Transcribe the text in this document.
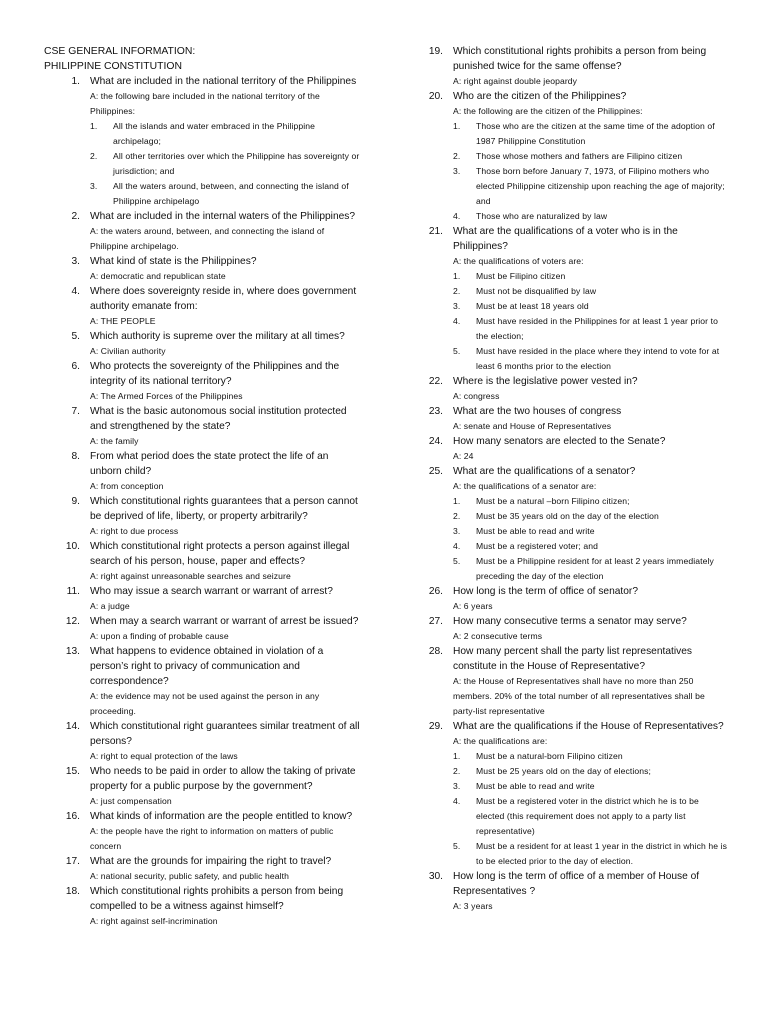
CSE GENERAL INFORMATION:
PHILIPPINE CONSTITUTION
1 . What are included in the national territory of the Philippines
A: the following bare included in the national territory of the Philippines:
1 . All the islands and water embraced in the Philippine archipelago;
2 . All other territories over which the Philippine has sovereignty or jurisdiction; and
3 . All the waters around, between, and connecting the island of Philippine archipelago
2 . What are included in the internal waters of the Philippines?
A: the waters around, between, and connecting the island of Philippine archipelago.
3 . What kind of state is the Philippines?
A: democratic and republican state
4 . Where does sovereignty reside in, where does government authority emanate from:
A: THE PEOPLE
5 . Which authority is supreme over the military at all times?
A: Civilian authority
6 . Who protects the sovereignty of the Philippines and the integrity of its national territory?
A: The Armed Forces of the Philippines
7 . What is the basic autonomous social institution protected and strengthened by the state?
A: the family
8 . From what period does the state protect the life of an unborn child?
A: from conception
9 . Which constitutional rights guarantees that a person cannot be deprived of life, liberty, or property arbitrarily?
A: right to due process
10 . Which constitutional right protects a person against illegal search of his person, house, paper and effects?
A: right against unreasonable searches and seizure
11 . Who may issue a search warrant or warrant of arrest?
A: a judge
12 . When may a search warrant or warrant of arrest be issued?
A: upon a finding of probable cause
13 . What happens to evidence obtained in violation of a person’s right to privacy of communication and correspondence?
A: the evidence may not be used against the person in any proceeding.
14 . Which constitutional right guarantees similar treatment of all persons?
A: right to equal protection of the laws
15 . Who needs to be paid in order to allow the taking of private property for a public purpose by the government?
A: just compensation
16 . What kinds of information are the people entitled to know?
A: the people have the right to information on matters of public concern
17 . What are the grounds for impairing the right to travel?
A: national security, public safety, and public health
18 . Which constitutional rights prohibits a person from being compelled to be a witness against himself?
A: right against self-incrimination
19 . Which constitutional rights prohibits a person from being punished twice for the same offense?
A: right against double jeopardy
20 . Who are the citizen of the Philippines?
A: the following are the citizen of the Philippines:
1 . Those who are the citizen at the same time of the adoption of 1987 Philippine Constitution
2 . Those whose mothers and fathers are Filipino citizen
3 . Those born before January 7, 1973, of Filipino mothers who elected Philippine citizenship upon reaching the age of majority; and
4 . Those who are naturalized by law
21 . What are the qualifications of a voter who is in the Philippines?
A: the qualifications of voters are:
1 . Must be Filipino citizen
2 . Must not be disqualified by law
3 . Must be at least 18 years old
4 . Must have resided in the Philippines for at least 1 year prior to the election;
5 . Must have resided in the place where they intend to vote for at least 6 months prior to the election
22 . Where is the legislative power vested in?
A: congress
23 . What are the two houses of congress
A: senate and House of Representatives
24 . How many senators are elected to the Senate?
A: 24
25 . What are the qualifications of a senator?
A: the qualifications of a senator are:
1 . Must be a natural –born Filipino citizen;
2 . Must be 35 years old on the day of the election
3 . Must be able to read and write
4 . Must be a registered voter; and
5 . Must be a Philippine resident for at least 2 years immediately preceding the day of the election
26 . How long is the term of office of senator?
A: 6 years
27 . How many consecutive terms a senator may serve?
A: 2 consecutive terms
28 . How many percent shall the party list representatives constitute in the House of Representative?
A: the House of Representatives shall have no more than 250 members. 20% of the total number of all representatives shall be party-list representative
29 . What are the qualifications if the House of Representatives?
A: the qualifications are:
1 . Must be a natural-born Filipino citizen
2 . Must be 25 years old on the day of elections;
3 . Must be able to read and write
4 . Must be a registered voter in the district which he is to be elected (this requirement does not apply to a party list representative)
5 . Must be a resident for at least 1 year in the district in which he is to be elected prior to the day of election.
30 . How long is the term of office of a member of House of Representatives ?
A: 3 years
